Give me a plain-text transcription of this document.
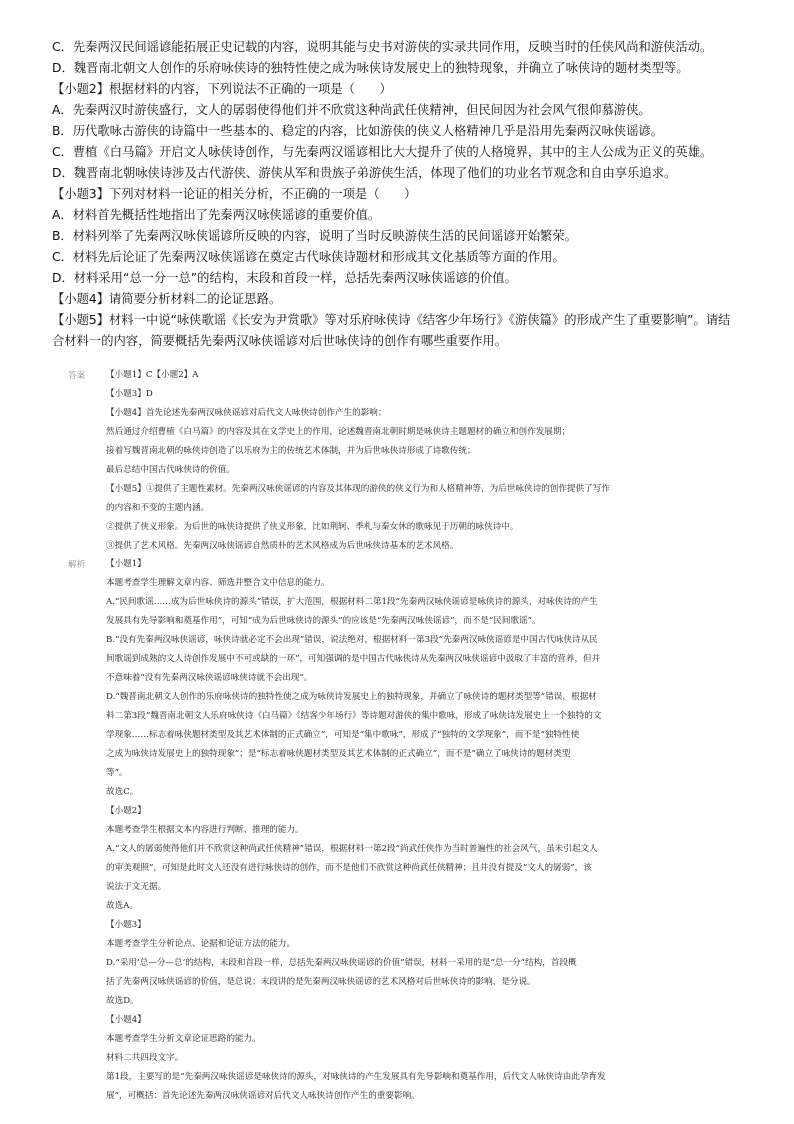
C．先秦两汉民间谣谚能拓展正史记载的内容，说明其能与史书对游侠的实录共同作用，反映当时的任侠风尚和游侠活动。
D．魏晋南北朝文人创作的乐府咏侠诗的独特性使之成为咏侠诗发展史上的独特现象，并确立了咏侠诗的题材类型等。
【小题2】根据材料的内容，下列说法不正确的一项是（　　）
A．先秦两汉时游侠盛行，文人的孱弱使得他们并不欣赏这种尚武任侠精神，但民间因为社会风气很仰慕游侠。
B．历代歌咏古游侠的诗篇中一些基本的、稳定的内容，比如游侠的侠义人格精神几乎是沿用先秦两汉咏侠谣谚。
C．曹植《白马篇》开启文人咏侠诗创作，与先秦两汉谣谚相比大大提升了侠的人格境界，其中的主人公成为正义的英雄。
D．魏晋南北朝咏侠诗涉及古代游侠、游侠从军和贵族子弟游侠生活，体现了他们的功业名节观念和自由享乐追求。
【小题3】下列对材料一论证的相关分析，不正确的一项是（　　）
A．材料首先概括性地指出了先秦两汉咏侠谣谚的重要价值。
B．材料列举了先秦两汉咏侠谣谚所反映的内容，说明了当时反映游侠生活的民间谣谚开始繁荣。
C．材料先后论证了先秦两汉咏侠谣谚在奠定古代咏侠诗题材和形成其文化基质等方面的作用。
D．材料采用“总一分一总”的结构，末段和首段一样，总括先秦两汉咏侠谣谚的价值。
【小题4】请简要分析材料二的论证思路。
【小题5】材料一中说“咏侠歌谣《长安为尹赏歌》等对乐府咏侠诗《结客少年场行》《游侠篇》的形成产生了重要影响”。请结
合材料一的内容，简要概括先秦两汉咏侠谣谚对后世咏侠诗的创作有哪些重要作用。
答案 【小题1】C【小题2】A
【小题3】D
【小题4】首先论述先秦两汉咏侠谣谚对后代文人咏侠诗创作产生的影响；
然后通过介绍曹植《白马篇》的内容及其在文学史上的作用，论述魏晋南北朝时期是咏侠诗主题题材的确立和创作发展期；
接着写魏晋南北朝的咏侠诗创造了以乐府为主的传统艺术体制，并为后世咏侠诗形成了诗歌传统；
最后总结中国古代咏侠诗的价值。
【小题5】①提供了主题性素材。先秦两汉咏侠谣谚的内容及其体现的游侠的侠义行为和人格精神等，为后世咏侠诗的创作提供了写作
的内容和不变的主题内涵。
②提供了侠义形象。为后世的咏侠诗提供了侠义形象，比如荆轲、季札与秦女休的歌咏见于历朝的咏侠诗中。
③提供了艺术风格。先秦两汉咏侠谣谚自然质朴的艺术风格成为后世咏侠诗基本的艺术风格。
解析 【小题1】
本题考查学生理解文章内容、筛选并整合文中信息的能力。
A.“民间歌谣……成为后世咏侠诗的源头”错误，扩大范围，根据材料二第1段“先秦两汉咏侠谣谚是咏侠诗的源头，对咏侠诗的产生
发展具有先导影响和奠基作用”，可知“成为后世咏侠诗的源头”的应该是“先秦两汉咏侠谣谚”，而不是“民间歌谣”。
B.“没有先秦两汉咏侠谣谚，咏侠诗就必定不会出现”错误，说法绝对，根据材料一第3段“先秦两汉咏侠谣谚是中国古代咏侠诗从民
间歌谣到成熟的文人诗创作发展中不可或缺的一环”，可知强调的是中国古代咏侠诗从先秦两汉咏侠谣谚中汲取了丰富的营养，但并
不意味着“没有先秦两汉咏侠谣谚咏侠诗就不会出现”。
D.“魏晋南北朝文人创作的乐府咏侠诗的独特性使之成为咏侠诗发展史上的独特现象，并确立了咏侠诗的题材类型等”错误，根据材
料二第3段“魏晋南北朝文人乐府咏侠诗《白马篇》《结客少年场行》等诗题对游侠的集中歌咏，形成了咏侠诗发展史上一个独特的文
学现象……标志着咏侠题材类型及其艺术体制的正式确立”，可知是“集中歌咏”，形成了“独特的文学现象”，而不是“独特性使
之成为咏侠诗发展史上的独特现象”；是“标志着咏侠题材类型及其艺术体制的正式确立”，而不是“确立了咏侠诗的题材类型
等”。
故选C。
【小题2】
本题考查学生根据文本内容进行判断、推理的能力。
A.“文人的孱弱使得他们并不欣赏这种尚武任侠精神”错误，根据材料一第2段“尚武任侠作为当时普遍性的社会风气，虽未引起文人
的审美观照”，可知是此时文人还没有进行咏侠诗的创作，而不是他们不欣赏这种尚武任侠精神；且并没有提及“文人的孱弱”，该
说法于文无据。
故选A。
【小题3】
本题考查学生分析论点、论据和论证方法的能力。
D.“采用‘总—分—总’的结构，末段和首段一样，总括先秦两汉咏侠谣谚的价值”错误，材料一采用的是“总一分”结构，首段概
括了先秦两汉咏侠谣谚的价值，是总说；末段讲的是先秦两汉咏侠谣谚的艺术风格对后世咏侠诗的影响，是分说。
故选D。
【小题4】
本题考查学生分析文章论证思路的能力。
材料二共四段文字。
第1段，主要写的是“先秦两汉咏侠谣谚是咏侠诗的源头，对咏侠诗的产生发展具有先导影响和奠基作用，后代文人咏侠诗由此孕育发
展”，可概括：首先论述先秦两汉咏侠谣谚对后代文人咏侠诗创作产生的重要影响。
